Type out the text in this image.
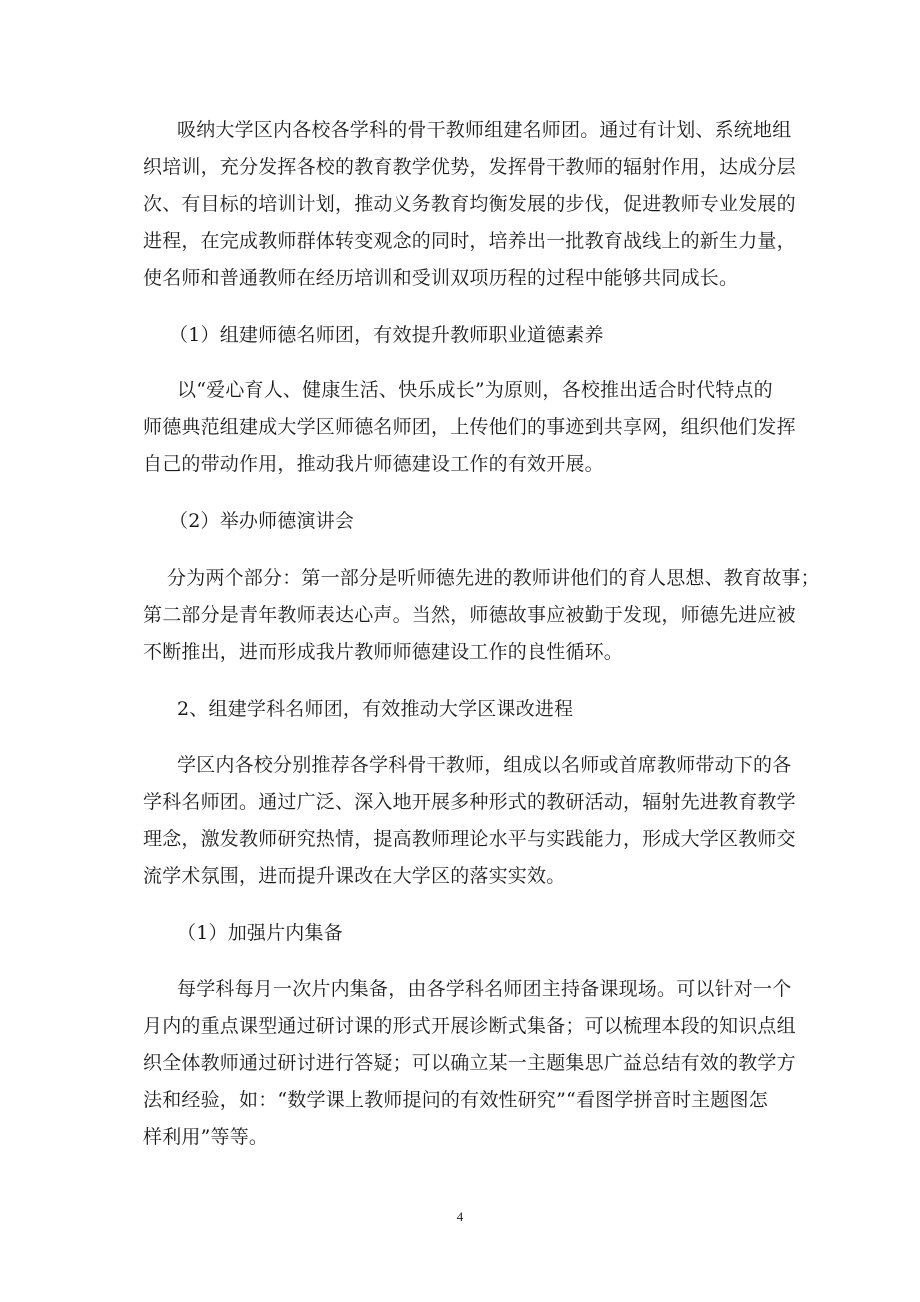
吸纳大学区内各校各学科的骨干教师组建名师团。通过有计划、系统地组
织培训，充分发挥各校的教育教学优势，发挥骨干教师的辐射作用，达成分层
次、有目标的培训计划，推动义务教育均衡发展的步伐，促进教师专业发展的
进程，在完成教师群体转变观念的同时，培养出一批教育战线上的新生力量，
使名师和普通教师在经历培训和受训双项历程的过程中能够共同成长。
（1）组建师德名师团，有效提升教师职业道德素养
以“爱心育人、健康生活、快乐成长”为原则，各校推出适合时代特点的
师德典范组建成大学区师德名师团，上传他们的事迹到共享网，组织他们发挥
自己的带动作用，推动我片师德建设工作的有效开展。
（2）举办师德演讲会
分为两个部分：第一部分是听师德先进的教师讲他们的育人思想、教育故事；
第二部分是青年教师表达心声。当然，师德故事应被勤于发现，师德先进应被
不断推出，进而形成我片教师师德建设工作的良性循环。
2、组建学科名师团，有效推动大学区课改进程
学区内各校分别推荐各学科骨干教师，组成以名师或首席教师带动下的各
学科名师团。通过广泛、深入地开展多种形式的教研活动，辐射先进教育教学
理念，激发教师研究热情，提高教师理论水平与实践能力，形成大学区教师交
流学术氛围，进而提升课改在大学区的落实实效。
（1）加强片内集备
每学科每月一次片内集备，由各学科名师团主持备课现场。可以针对一个
月内的重点课型通过研讨课的形式开展诊断式集备；可以梳理本段的知识点组
织全体教师通过研讨进行答疑；可以确立某一主题集思广益总结有效的教学方
法和经验，如：“数学课上教师提问的有效性研究”“看图学拼音时主题图怎
样利用”等等。
4
